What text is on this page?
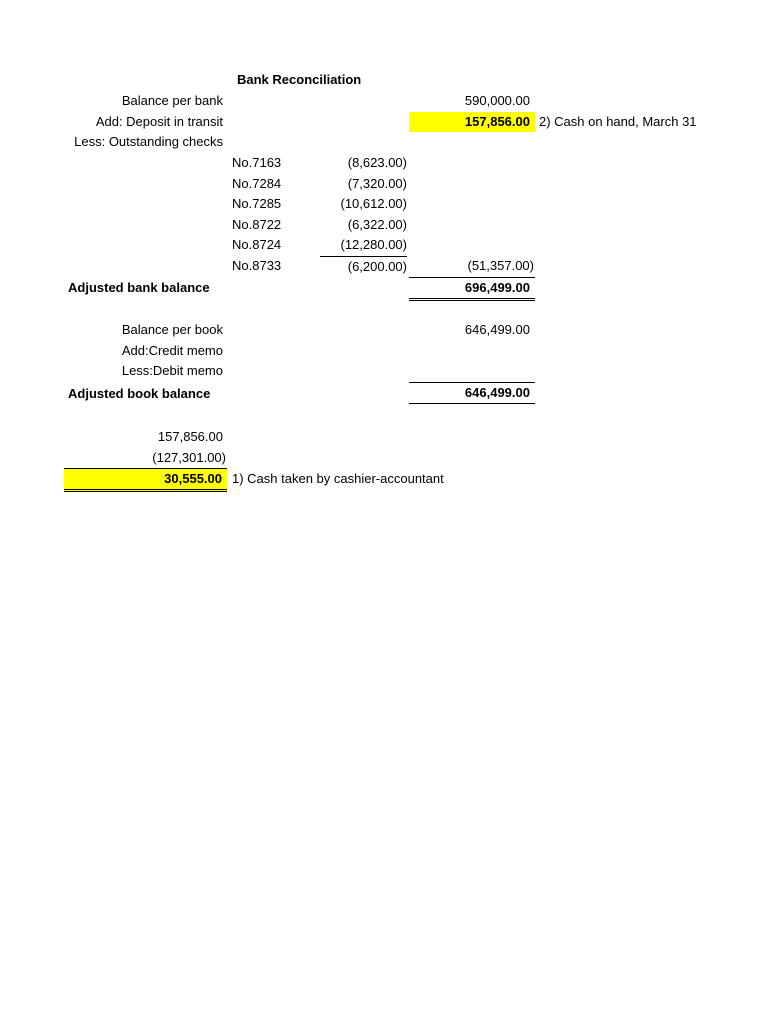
Bank Reconciliation
Balance per bank	590,000.00
Add: Deposit in transit	157,856.00 2) Cash on hand, March 31
Less: Outstanding checks
No.7163	(8,623.00)
No.7284	(7,320.00)
No.7285	(10,612.00)
No.8722	(6,322.00)
No.8724	(12,280.00)
No.8733	(6,200.00)	(51,357.00)
Adjusted bank balance	696,499.00
Balance per book	646,499.00
Add:Credit memo
Less:Debit memo
Adjusted book balance	646,499.00
157,856.00
(127,301.00)
30,555.00 1) Cash taken by cashier-accountant
